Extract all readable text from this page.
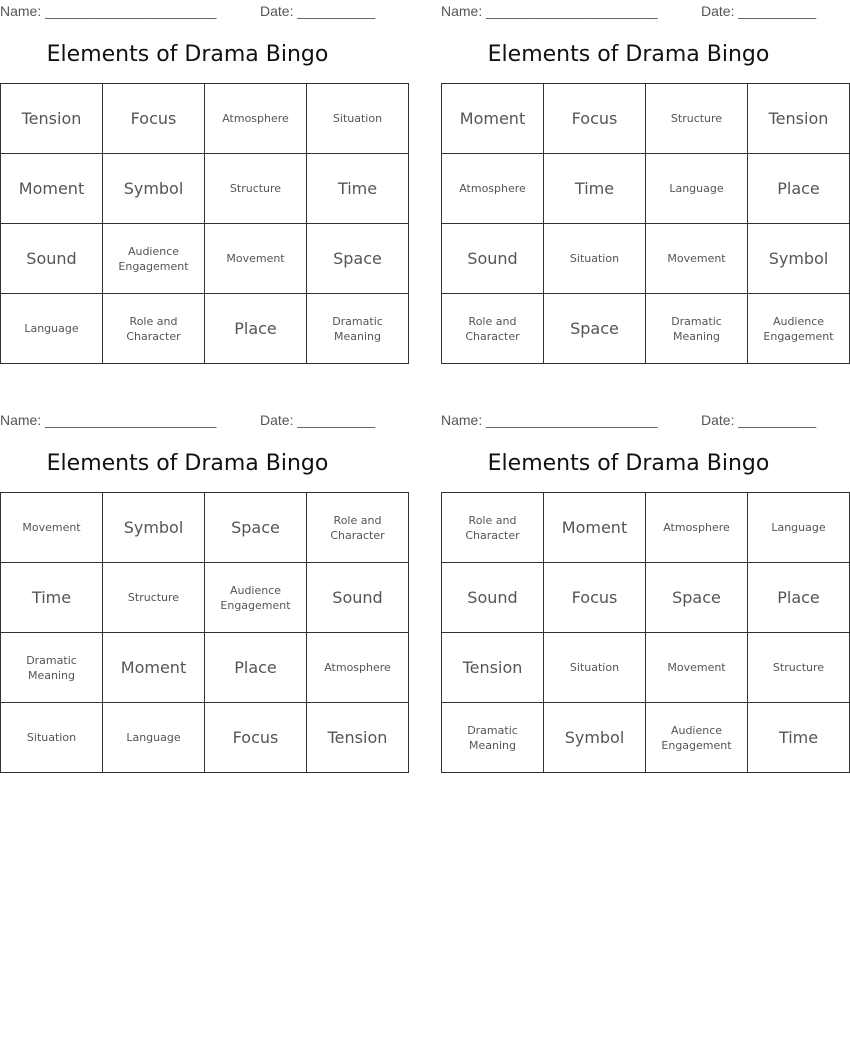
Name: ______________________	Date: __________
Elements of Drama Bingo
Tension	Focus	Atmosphere	Situation
Moment	Symbol	Structure	Time
Sound	Audience Engagement	Movement	Space
Language	Role and Character	Place	Dramatic Meaning
Name: ______________________	Date: __________
Elements of Drama Bingo
Moment	Focus	Structure	Tension
Atmosphere	Time	Language	Place
Sound	Situation	Movement	Symbol
Role and Character	Space	Dramatic Meaning	Audience Engagement
Name: ______________________	Date: __________
Elements of Drama Bingo
Movement	Symbol	Space	Role and Character
Time	Structure	Audience Engagement	Sound
Dramatic Meaning	Moment	Place	Atmosphere
Situation	Language	Focus	Tension
Name: ______________________	Date: __________
Elements of Drama Bingo
Role and Character	Moment	Atmosphere	Language
Sound	Focus	Space	Place
Tension	Situation	Movement	Structure
Dramatic Meaning	Symbol	Audience Engagement	Time
